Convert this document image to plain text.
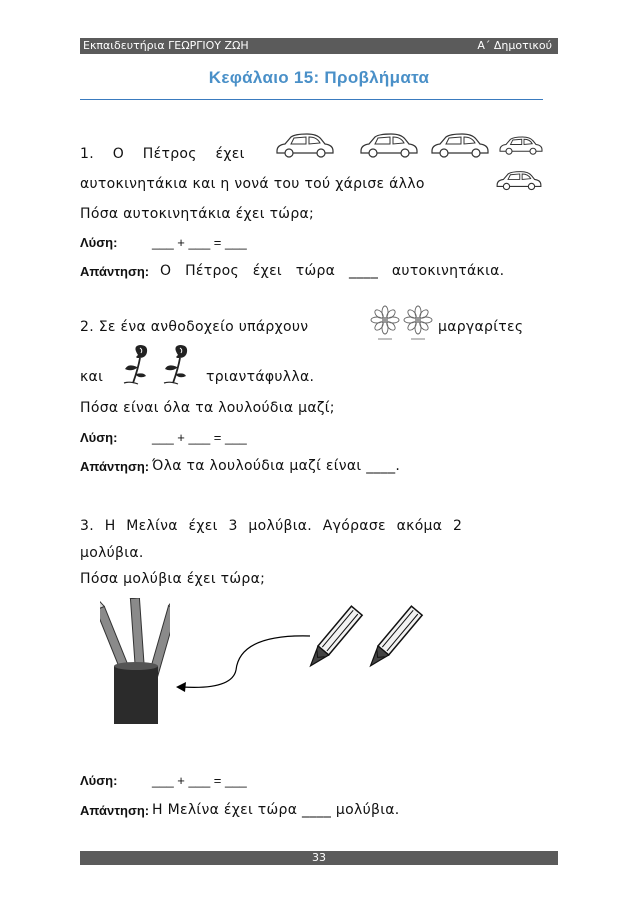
Εκπαιδευτήρια ΓΕΩΡΓΙΟΥ ΖΩΗ	Α΄ Δημοτικού
Κεφάλαιο 15: Προβλήματα
1. Ο Πέτρος έχει
αυτοκινητάκια και η νονά του τού χάρισε άλλο
Πόσα αυτοκινητάκια έχει τώρα;
Λύση:	___ + ___ = ___
Απάντηση: Ο Πέτρος έχει τώρα ____ αυτοκινητάκια.
2. Σε ένα ανθοδοχείο υπάρχουν	μαργαρίτες
και	τριαντάφυλλα.
Πόσα είναι όλα τα λουλούδια μαζί;
Λύση:	___ + ___ = ___
Απάντηση: Όλα τα λουλούδια μαζί είναι ____.
3. Η Μελίνα έχει 3 μολύβια. Αγόρασε ακόμα 2
μολύβια.
Πόσα μολύβια έχει τώρα;
Λύση:	___ + ___ = ___
Απάντηση: Η Μελίνα έχει τώρα ____ μολύβια.
33
